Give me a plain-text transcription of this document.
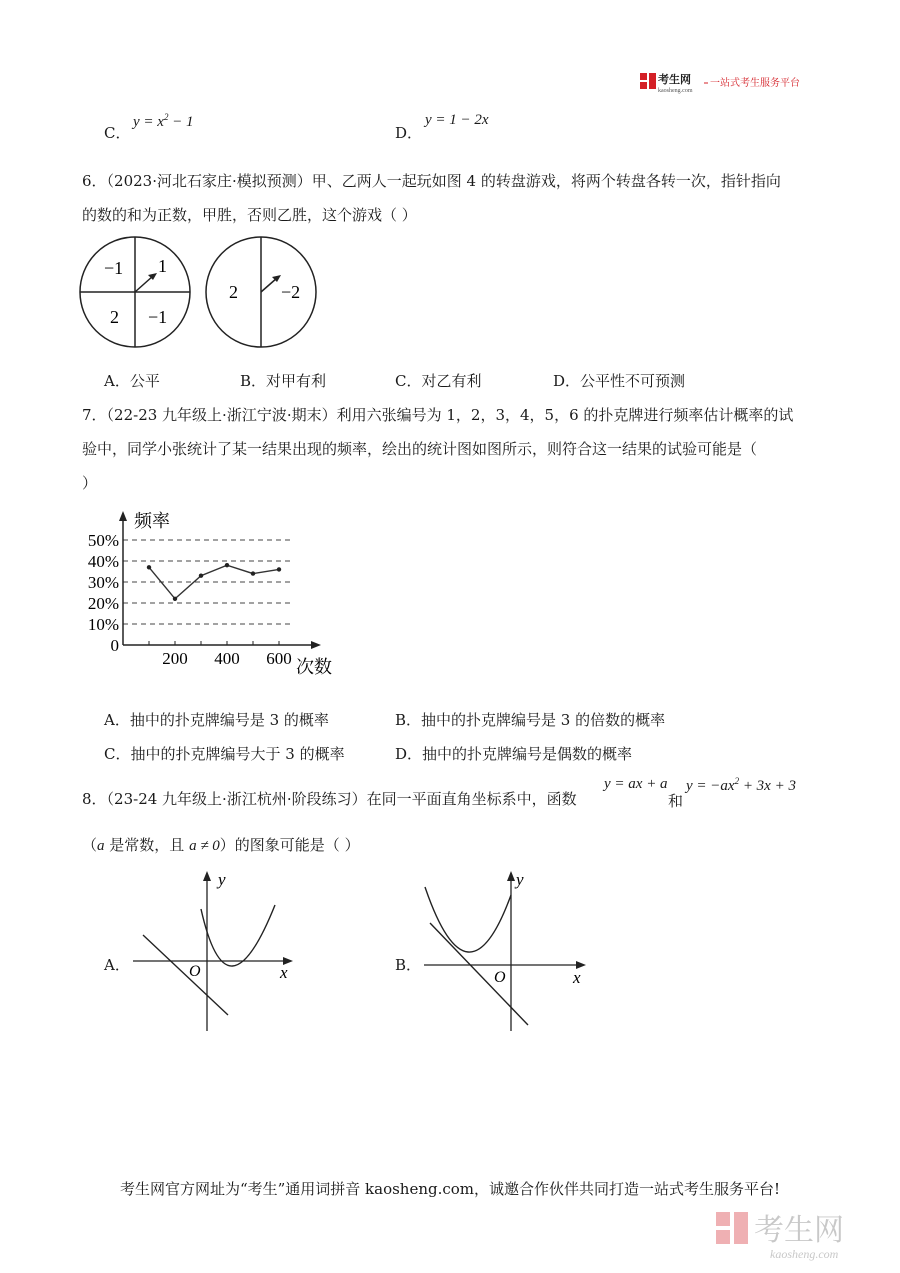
考生网
kaosheng.com
一站式考生服务平台
C．
$y = x^2 - 1$
D．
y = 1 − 2x
6．（2023·河北石家庄·模拟预测）甲、乙两人一起玩如图 4 的转盘游戏，将两个转盘各转一次，指针指向
的数的和为正数，甲胜，否则乙胜，这个游戏（ ）
−1 1
2 −1
2 −2
A．公平	B．对甲有利	C．对乙有利	D．公平性不可预测
7．（22-23 九年级上·浙江宁波·期末）利用六张编号为 1，2，3，4，5，6 的扑克牌进行频率估计概率的试
验中，同学小张统计了某一结果出现的频率，绘出的统计图如图所示，则符合这一结果的试验可能是（
）
频率
次数
50%
40%
30%
20%
10%
0
200 400 600
A．抽中的扑克牌编号是 3 的概率	B．抽中的扑克牌编号是 3 的倍数的概率
C．抽中的扑克牌编号大于 3 的概率	D．抽中的扑克牌编号是偶数的概率
8．（23-24 九年级上·浙江杭州·阶段练习）在同一平面直角坐标系中，函数
y = ax + a
和
$y = -ax^2 + 3x + 3$
（a 是常数，且 a ≠ 0）的图象可能是（ ）
A．
y
x
O	B．
y
x
O
考生网官方网址为“考生”通用词拼音 kaosheng.com，诚邀合作伙伴共同打造一站式考生服务平台!
考生网
kaosheng.com
